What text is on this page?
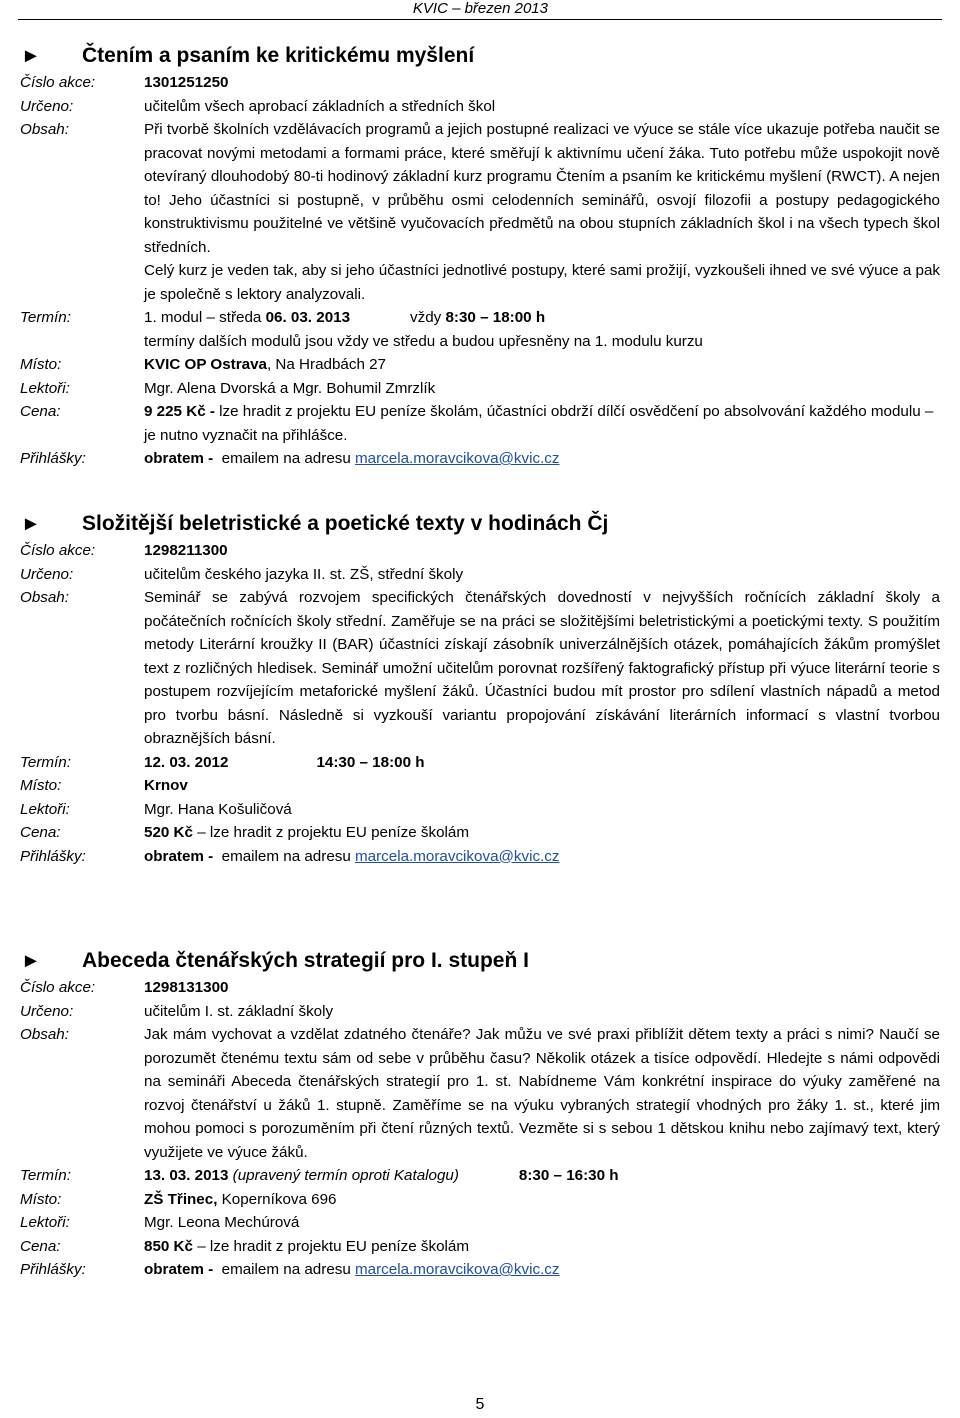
KVIC – březen 2013
► Čtením a psaním ke kritickému myšlení
Číslo akce:	1301251250
Určeno:	učitelům všech aprobací základních a středních škol
Obsah:	Při tvorbě školních vzdělávacích programů a jejich postupné realizaci ve výuce se stále více ukazuje potřeba naučit se pracovat novými metodami a formami práce, které směřují k aktivnímu učení žáka. Tuto potřebu může uspokojit nově otevíraný dlouhodobý 80-ti hodinový základní kurz programu Čtením a psaním ke kritickému myšlení (RWCT). A nejen to! Jeho účastníci si postupně, v průběhu osmi celodenních seminářů, osvojí filozofii a postupy pedagogického konstruktivismu použitelné ve většině vyučovacích předmětů na obou stupních základních škol i na všech typech škol středních.
Celý kurz je veden tak, aby si jeho účastníci jednotlivé postupy, které sami prožijí, vyzkoušeli ihned ve své výuce a pak je společně s lektory analyzovali.
Termín:	1. modul – středa 06. 03. 2013	vždy 8:30 – 18:00 h
termíny dalších modulů jsou vždy ve středu a budou upřesněny na 1. modulu kurzu
Místo:	KVIC OP Ostrava, Na Hradbách 27
Lektoři:	Mgr. Alena Dvorská a Mgr. Bohumil Zmrzlík
Cena:	9 225 Kč - lze hradit z projektu EU peníze školám, účastníci obdrží dílčí osvědčení po absolvování každého modulu – je nutno vyznačit na přihlášce.
Přihlášky:	obratem -  emailem na adresu marcela.moravcikova@kvic.cz
► Složitější beletristické a poetické texty v hodinách Čj
Číslo akce:	1298211300
Určeno:	učitelům českého jazyka II. st. ZŠ, střední školy
Obsah:	Seminář se zabývá rozvojem specifických čtenářských dovedností v nejvyšších ročnících základní školy a počátečních ročnících školy střední. Zaměřuje se na práci se složitějšími beletristickými a poetickými texty. S použitím metody Literární kroužky II (BAR) účastníci získají zásobník univerzálnějších otázek, pomáhajících žákům promýšlet text z rozličných hledisek. Seminář umožní učitelům porovnat rozšířený faktografický přístup při výuce literární teorie s postupem rozvíjejícím metaforické myšlení žáků. Účastníci budou mít prostor pro sdílení vlastních nápadů a metod pro tvorbu básní. Následně si vyzkouší variantu propojování získávání literárních informací s vlastní tvorbou obraznějších básní.
Termín:	12. 03. 2012	14:30 – 18:00 h
Místo:	Krnov
Lektoři:	Mgr. Hana Košuličová
Cena:	520 Kč – lze hradit z projektu EU peníze školám
Přihlášky:	obratem -  emailem na adresu marcela.moravcikova@kvic.cz
► Abeceda čtenářských strategií pro I. stupeň I
Číslo akce:	1298131300
Určeno:	učitelům I. st. základní školy
Obsah:	Jak mám vychovat a vzdělat zdatného čtenáře? Jak můžu ve své praxi přiblížit dětem texty a práci s nimi? Naučí se porozumět čtenému textu sám od sebe v průběhu času? Několik otázek a tisíce odpovědí. Hledejte s námi odpovědi na semináři Abeceda čtenářských strategií pro 1. st. Nabídneme Vám konkrétní inspirace do výuky zaměřené na rozvoj čtenářství u žáků 1. stupně. Zaměříme se na výuku vybraných strategií vhodných pro žáky 1. st., které jim mohou pomoci s porozuměním při čtení různých textů. Vezměte si s sebou 1 dětskou knihu nebo zajímavý text, který využijete ve výuce žáků.
Termín:	13. 03. 2013 (upravený termín oproti Katalogu)	8:30 – 16:30 h
Místo:	ZŠ Třinec, Koperníkova 696
Lektoři:	Mgr. Leona Mechúrová
Cena:	850 Kč – lze hradit z projektu EU peníze školám
Přihlášky:	obratem -  emailem na adresu marcela.moravcikova@kvic.cz
5
